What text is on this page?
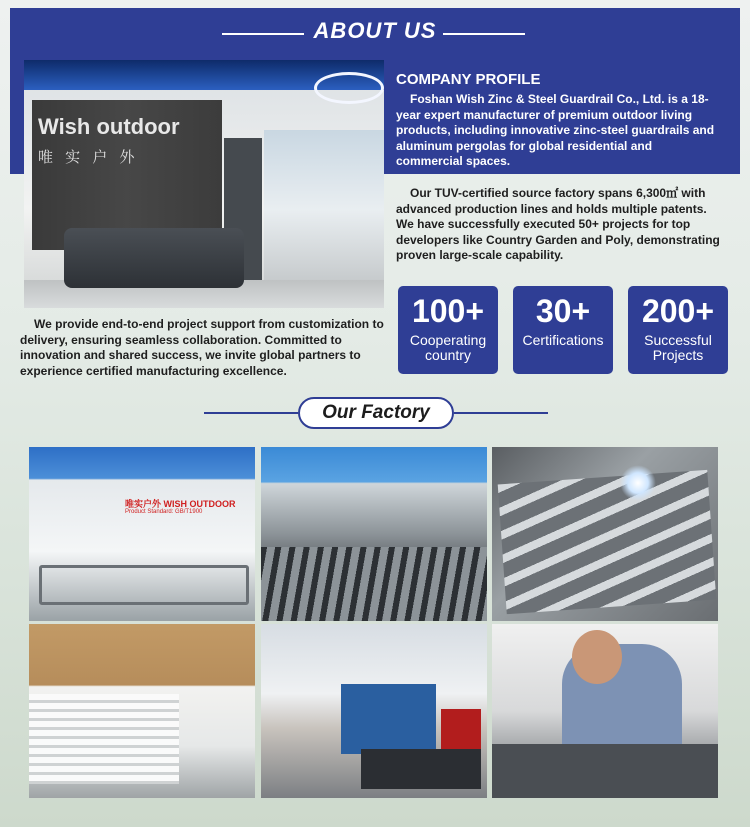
ABOUT US
Wish outdoor
唯 实 户 外
COMPANY PROFILE
Foshan Wish Zinc & Steel Guardrail Co., Ltd. is a 18-year expert manufacturer of premium outdoor living products, including innovative zinc-steel guardrails and aluminum pergolas for global residential and commercial spaces.
Our TUV-certified source factory spans 6,300㎡ with advanced production lines and holds multiple patents. We have successfully executed 50+ projects for top developers like Country Garden and Poly, demonstrating proven large-scale capability.
We provide end-to-end project support from customization to delivery, ensuring seamless collaboration. Committed to innovation and shared success, we invite global partners to experience certified manufacturing excellence.
100+
Cooperating country
30+
Certifications
200+
Successful Projects
Our Factory
唯实户外 WISH OUTDOOR
Product Standard: GB/T1900
